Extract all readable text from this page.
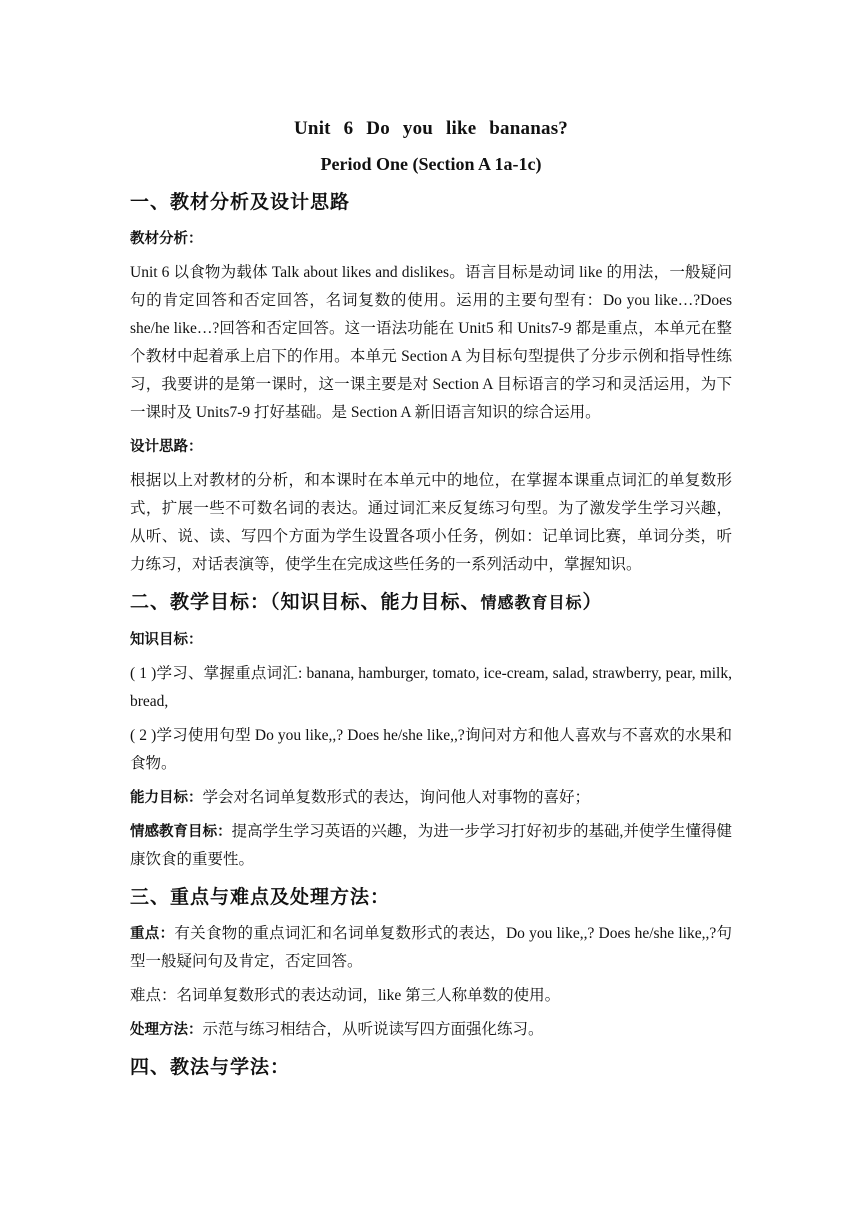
Unit 6 Do you like bananas?
Period One (Section A 1a-1c)
一、教材分析及设计思路
教材分析：

Unit 6 以食物为载体 Talk about likes and dislikes。语言目标是动词 like 的用法，一般疑问句的肯定回答和否定回答，名词复数的使用。运用的主要句型有：Do you like…?Does she/he like…?回答和否定回答。这一语法功能在 Unit5 和 Units7-9 都是重点，本单元在整个教材中起着承上启下的作用。本单元 Section A 为目标句型提供了分步示例和指导性练习，我要讲的是第一课时，这一课主要是对 Section A 目标语言的学习和灵活运用，为下一课时及 Units7-9 打好基础。是 Section A 新旧语言知识的综合运用。

设计思路：

根据以上对教材的分析，和本课时在本单元中的地位，在掌握本课重点词汇的单复数形式，扩展一些不可数名词的表达。通过词汇来反复练习句型。为了激发学生学习兴趣，从听、说、读、写四个方面为学生设置各项小任务，例如：记单词比赛，单词分类，听力练习，对话表演等，使学生在完成这些任务的一系列活动中，掌握知识。

二、教学目标：（知识目标、能力目标、情感教育目标）
知识目标：

( 1 )学习、掌握重点词汇: banana, hamburger, tomato, ice-cream, salad, strawberry, pear, milk, bread,

( 2 )学习使用句型 Do you like,,? Does he/she like,,?询问对方和他人喜欢与不喜欢的水果和食物。

能力目标：学会对名词单复数形式的表达，询问他人对事物的喜好；

情感教育目标：提高学生学习英语的兴趣，为进一步学习打好初步的基础,并使学生懂得健康饮食的重要性。

三、重点与难点及处理方法：

重点：有关食物的重点词汇和名词单复数形式的表达，Do you like,,? Does he/she like,,?句型一般疑问句及肯定，否定回答。

难点：名词单复数形式的表达动词，like 第三人称单数的使用。

处理方法：示范与练习相结合，从听说读写四方面强化练习。

四、教法与学法：
